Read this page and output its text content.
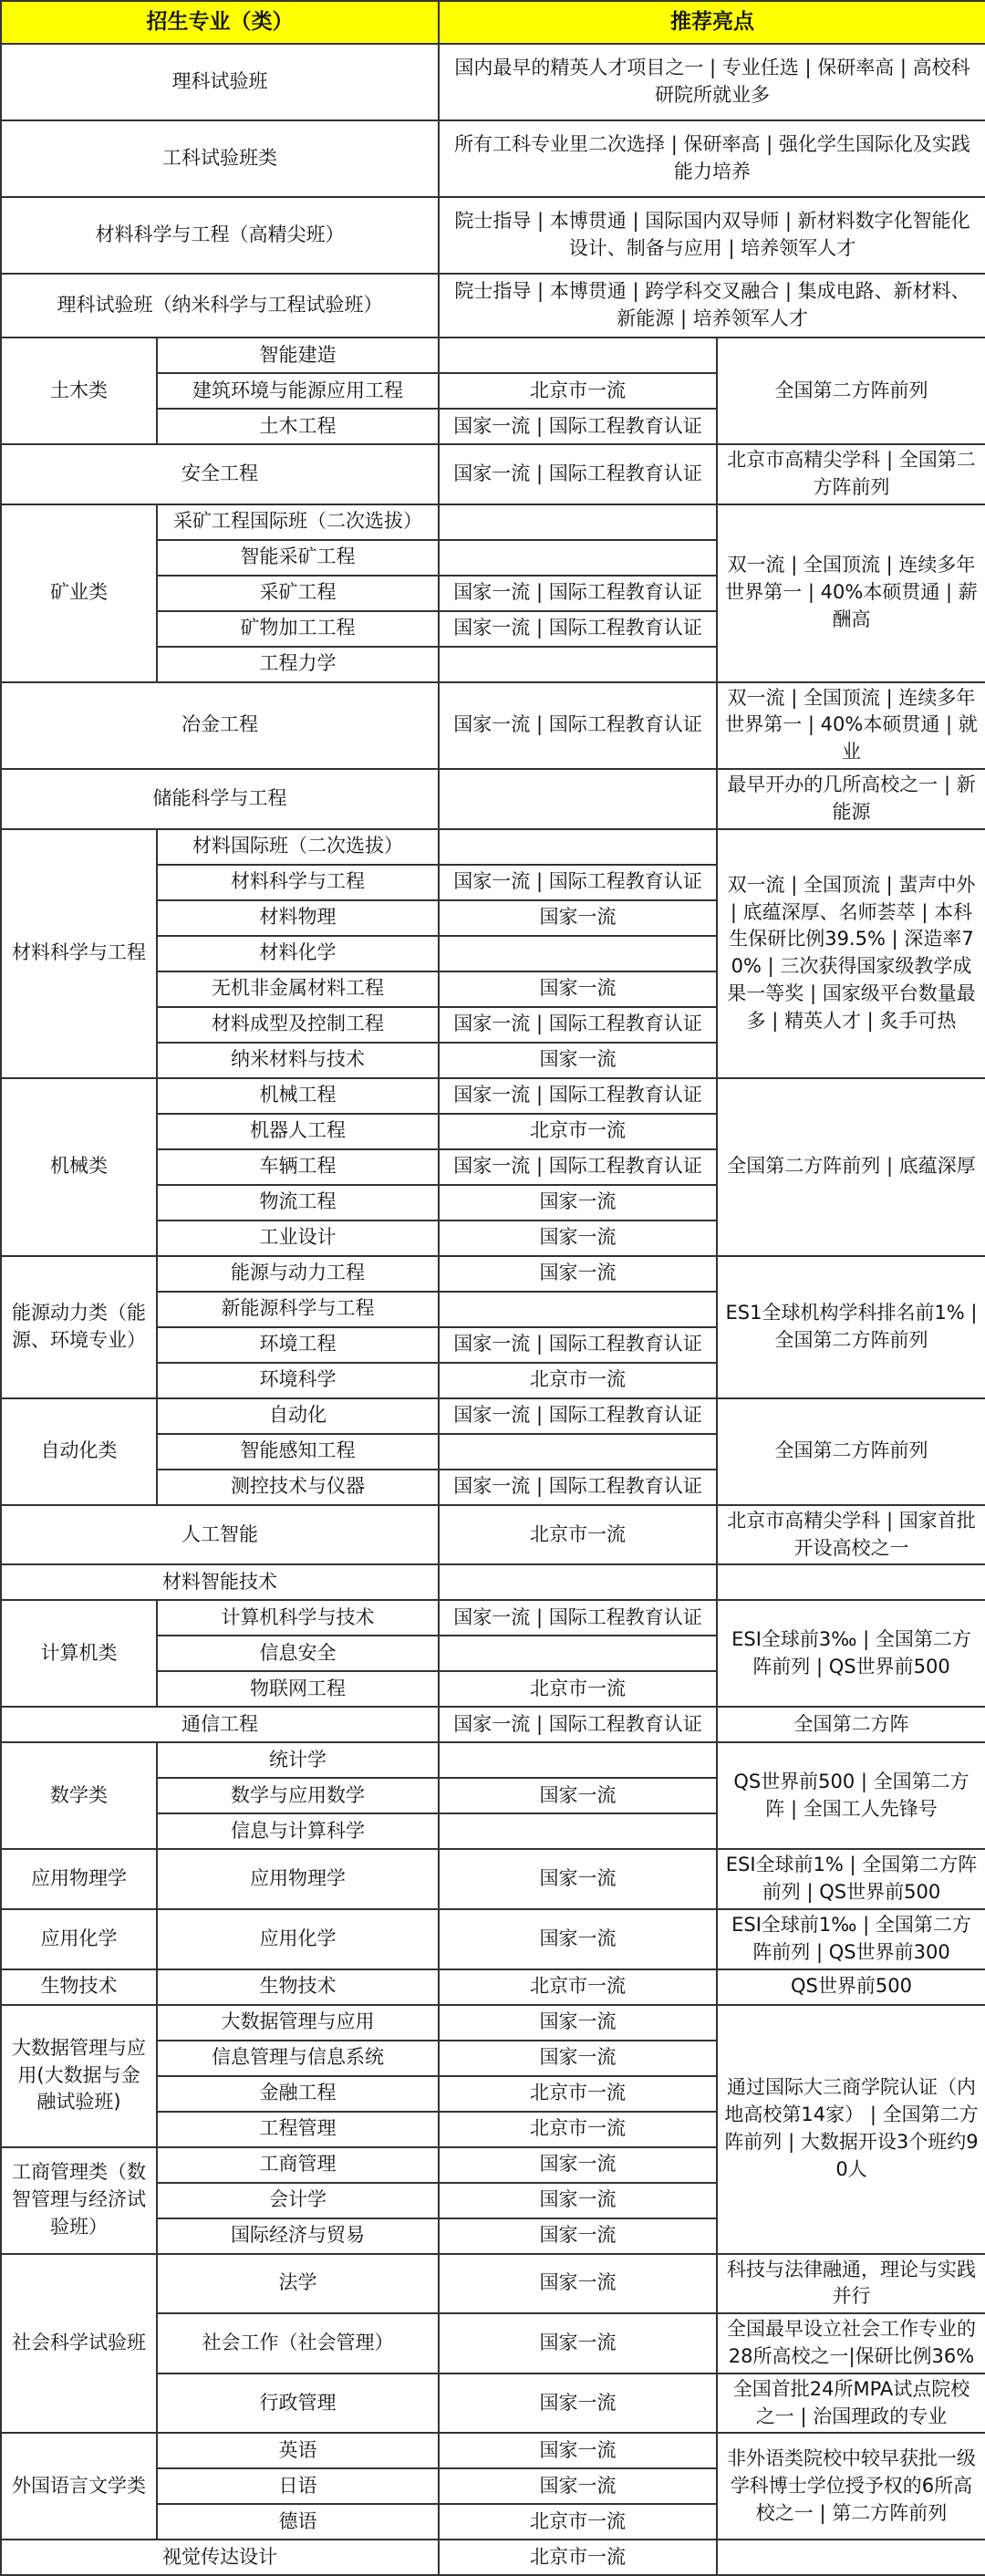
招生专业（类）		推荐亮点	
理科试验班		国内最早的精英人才项目之一 | 专业任选 | 保研率高 | 高校科研院所就业多	
工科试验班类		所有工科专业里二次选择 | 保研率高 | 强化学生国际化及实践能力培养	
材料科学与工程（高精尖班）		院士指导 | 本博贯通 | 国际国内双导师 | 新材料数字化智能化设计、制备与应用 | 培养领军人才	
理科试验班（纳米科学与工程试验班）		院士指导 | 本博贯通 | 跨学科交叉融合 | 集成电路、新材料、新能源 | 培养领军人才	
土木类	智能建造		全国第二方阵前列
	建筑环境与能源应用工程	北京市一流	
	土木工程	国家一流 | 国际工程教育认证	
安全工程		国家一流 | 国际工程教育认证	北京市高精尖学科 | 全国第二方阵前列
矿业类	采矿工程国际班（二次选拔）		双一流 | 全国顶流 | 连续多年世界第一 | 40%本硕贯通 | 薪酬高
	智能采矿工程		
	采矿工程	国家一流 | 国际工程教育认证	
	矿物加工工程	国家一流 | 国际工程教育认证	
	工程力学		
冶金工程		国家一流 | 国际工程教育认证	双一流 | 全国顶流 | 连续多年世界第一 | 40%本硕贯通 | 就业
储能科学与工程			最早开办的几所高校之一 | 新能源
材料科学与工程	材料国际班（二次选拔）		双一流 | 全国顶流 | 蜚声中外 | 底蕴深厚、名师荟萃 | 本科生保研比例39.5% | 深造率70% | 三次获得国家级教学成果一等奖 | 国家级平台数量最多 | 精英人才 | 炙手可热
	材料科学与工程	国家一流 | 国际工程教育认证	
	材料物理	国家一流	
	材料化学		
	无机非金属材料工程	国家一流	
	材料成型及控制工程	国家一流 | 国际工程教育认证	
	纳米材料与技术	国家一流	
机械类	机械工程	国家一流 | 国际工程教育认证	全国第二方阵前列 | 底蕴深厚
	机器人工程	北京市一流	
	车辆工程	国家一流 | 国际工程教育认证	
	物流工程	国家一流	
	工业设计	国家一流	
能源动力类（能源、环境专业）	能源与动力工程	国家一流	ES1全球机构学科排名前1% | 全国第二方阵前列
	新能源科学与工程		
	环境工程	国家一流 | 国际工程教育认证	
	环境科学	北京市一流	
自动化类	自动化	国家一流 | 国际工程教育认证	全国第二方阵前列
	智能感知工程		
	测控技术与仪器	国家一流 | 国际工程教育认证	
人工智能		北京市一流	北京市高精尖学科 | 国家首批开设高校之一
材料智能技术			
计算机类	计算机科学与技术	国家一流 | 国际工程教育认证	ESI全球前3‰ | 全国第二方阵前列 | QS世界前500
	信息安全		
	物联网工程	北京市一流	
通信工程		国家一流 | 国际工程教育认证	全国第二方阵
数学类	统计学		QS世界前500 | 全国第二方阵 | 全国工人先锋号
	数学与应用数学	国家一流	
	信息与计算科学		
应用物理学	应用物理学	国家一流	ESI全球前1% | 全国第二方阵前列 | QS世界前500
应用化学	应用化学	国家一流	ESI全球前1‰ | 全国第二方阵前列 | QS世界前300
生物技术	生物技术	北京市一流	QS世界前500
大数据管理与应用(大数据与金融试验班)	大数据管理与应用	国家一流	通过国际大三商学院认证（内地高校第14家） | 全国第二方阵前列 | 大数据开设3个班约90人
	信息管理与信息系统	国家一流	
	金融工程	北京市一流	
	工程管理	北京市一流	
工商管理类（数智管理与经济试验班）	工商管理	国家一流	
	会计学	国家一流	
	国际经济与贸易	国家一流	
社会科学试验班	法学	国家一流	科技与法律融通，理论与实践并行
	社会工作（社会管理）	国家一流	全国最早设立社会工作专业的28所高校之一|保研比例36%
	行政管理	国家一流	全国首批24所MPA试点院校之一 | 治国理政的专业
外国语言文学类	英语	国家一流	非外语类院校中较早获批一级学科博士学位授予权的6所高校之一 | 第二方阵前列
	日语	国家一流	
	德语	北京市一流	
视觉传达设计		北京市一流	
